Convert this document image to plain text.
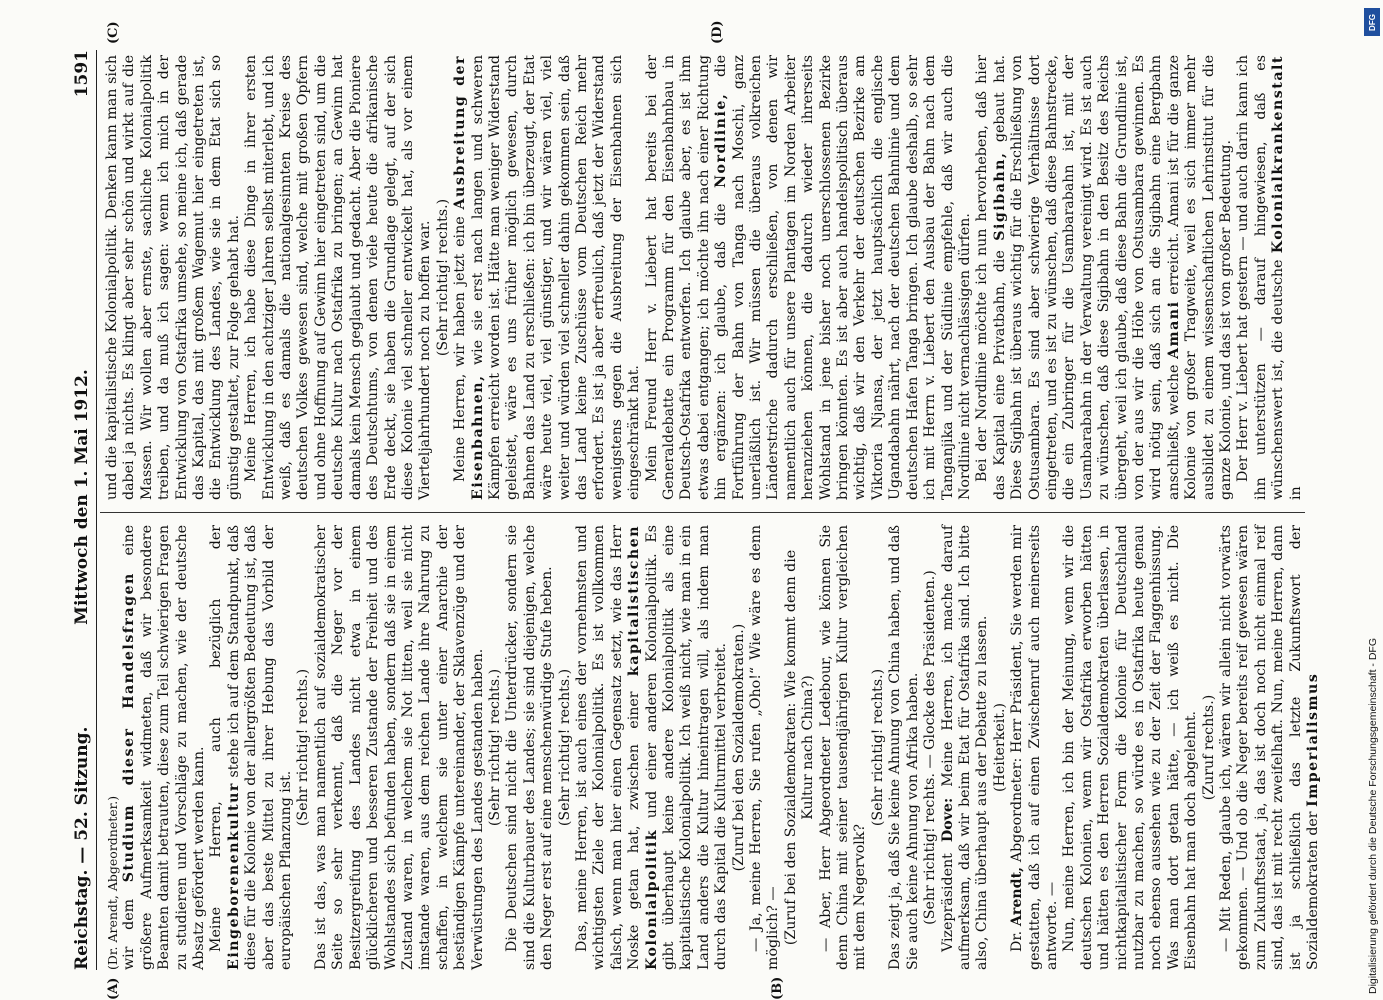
Reichstag. — 52. Sitzung.
Mittwoch den 1. Mai 1912.  1591
(A)	(B)
(C)	(D)

(Dr. Arendt, Abgeordneter.) wir dem Studium dieser Handelsfragen eine größere Aufmerksamkeit widmeten, daß wir besondere Beamten damit betrauten, diese zum Teil schwierigen Fragen zu studieren und Vorschläge zu machen, wie der deutsche Absatz gefördert werden kann. Meine Herren, auch bezüglich der Eingeborenenkultur stehe ich auf dem Standpunkt, daß diese für die Kolonie von der allergrößten Bedeutung ist, daß aber das beste Mittel zu ihrer Hebung das Vorbild der europäischen Pflanzung ist.

(Sehr richtig! rechts.) Das ist das, was man namentlich auf sozialdemokratischer Seite so sehr verkennt, daß die Neger vor der Besitzergreifung des Landes nicht etwa in einem glücklicheren und besseren Zustande der Freiheit und des Wohlstandes sich befunden haben, sondern daß sie in einem Zustand waren, in welchem sie Not litten, weil sie nicht imstande waren, aus dem reichen Lande ihre Nahrung zu schaffen, in welchem sie unter einer Anarchie der beständigen Kämpfe untereinander, der Sklavenzüge und der Verwüstungen des Landes gestanden haben. (Sehr richtig! rechts.) Die Deutschen sind nicht die Unterdrücker, sondern sie sind die Kulturbauer des Landes; sie sind diejenigen, welche den Neger erst auf eine menschenwürdige Stufe heben. (Sehr richtig! rechts.) Das, meine Herren, ist auch eines der vornehmsten und wichtigsten Ziele der Kolonialpolitik. Es ist vollkommen falsch, wenn man hier einen Gegensatz setzt, wie das Herr Noske getan hat, zwischen einer kapitalistischen Kolonialpolitik und einer anderen Kolonialpolitik. Es gibt überhaupt keine andere Kolonialpolitik als eine kapitalistische Kolonialpolitik. Ich weiß nicht, wie man in ein Land anders die Kultur hineintragen will, als indem man durch das Kapital die Kulturmittel verbreitet. (Zuruf bei den Sozialdemokraten.) — Ja, meine Herren, Sie rufen „Oho!“ Wie wäre es denn möglich? — (Zuruf bei den Sozialdemokraten: Wie kommt denn die Kultur nach China?) — Aber, Herr Abgeordneter Ledebour, wie können Sie denn China mit seiner tausendjährigen Kultur vergleichen mit dem Negervolk?

(Sehr richtig! rechts.) Das zeigt ja, daß Sie keine Ahnung von China haben, und daß Sie auch keine Ahnung von Afrika haben. (Sehr richtig! rechts. — Glocke des Präsidenten.) Vizepräsident Dove: Meine Herren, ich mache darauf aufmerksam, daß wir beim Etat für Ostafrika sind. Ich bitte also, China überhaupt aus der Debatte zu lassen. (Heiterkeit.)

Dr. Arendt, Abgeordneter: Herr Präsident, Sie werden mir gestatten, daß ich auf einen Zwischenruf auch meinerseits antworte. — Nun, meine Herren, ich bin der Meinung, wenn wir die deutschen Kolonien, wenn wir Ostafrika erworben hätten und hätten es den Herren Sozialdemokraten überlassen, in nichtkapitalistischer Form die Kolonie für Deutschland nutzbar zu machen, so würde es in Ostafrika heute genau noch ebenso aussehen wie zu der Zeit der Flaggenhissung. Was man dort getan hätte, — ich weiß es nicht. Die Eisenbahn hat man doch abgelehnt. (Zuruf rechts.) — Mit Reden, glaube ich, wären wir allein nicht vorwärts gekommen. — Und ob die Neger bereits reif gewesen wären zum Zukunftsstaat, ja, das ist doch noch nicht einmal reif sind, das ist mit recht zweifelhaft. Nun, meine Herren, dann ist ja schließlich das letzte Zukunftswort der Sozialdemokraten der Imperialismus

und die kapitalistische Kolonialpolitik. Denken kann man sich dabei ja nichts. Es klingt aber sehr schön und wirkt auf die Massen. Wir wollen aber ernste, sachliche Kolonialpolitik treiben, und da muß ich sagen: wenn ich mich in der Entwicklung von Ostafrika umsehe, so meine ich, daß gerade das Kapital, das mit großem Wagemut hier eingetreten ist, die Entwicklung des Landes, wie sie in dem Etat sich so günstig gestaltet, zur Folge gehabt hat. Meine Herren, ich habe diese Dinge in ihrer ersten Entwicklung in den achtziger Jahren selbst miterlebt, und ich weiß, daß es damals die nationalgesinnten Kreise des deutschen Volkes gewesen sind, welche mit großen Opfern und ohne Hoffnung auf Gewinn hier eingetreten sind, um die deutsche Kultur nach Ostafrika zu bringen; an Gewinn hat damals kein Mensch geglaubt und gedacht. Aber die Pioniere des Deutschtums, von denen viele heute die afrikanische Erde deckt, sie haben die Grundlage gelegt, auf der sich diese Kolonie viel schneller entwickelt hat, als vor einem Vierteljahrhundert noch zu hoffen war. (Sehr richtig! rechts.) Meine Herren, wir haben jetzt eine Ausbreitung der Eisenbahnen, wie sie erst nach langen und schweren Kämpfen erreicht worden ist. Hätte man weniger Widerstand geleistet, wäre es uns früher möglich gewesen, durch Bahnen das Land zu erschließen: ich bin überzeugt, der Etat wäre heute viel, viel günstiger, und wir wären viel, viel weiter und würden viel schneller dahin gekommen sein, daß das Land keine Zuschüsse vom Deutschen Reich mehr erfordert. Es ist ja aber erfreulich, daß jetzt der Widerstand wenigstens gegen die Ausbreitung der Eisenbahnen sich eingeschränkt hat. Mein Freund Herr v. Liebert hat bereits bei der Generaldebatte ein Programm für den Eisenbahnbau in Deutsch-Ostafrika entworfen. Ich glaube aber, es ist ihm etwas dabei entgangen; ich möchte ihn nach einer Richtung hin ergänzen: ich glaube, daß die Nordlinie, die Fortführung der Bahn von Tanga nach Moschi, ganz unerläßlich ist. Wir müssen die überaus volkreichen Länderstriche dadurch erschließen, von denen wir namentlich auch für unsere Plantagen im Norden Arbeiter heranziehen können, die dadurch wieder ihrerseits Wohlstand in jene bisher noch unerschlossenen Bezirke bringen könnten. Es ist aber auch handelspolitisch überaus wichtig, daß wir den Verkehr der deutschen Bezirke am Viktoria Njansa, der jetzt hauptsächlich die englische Ugandabahn nährt, nach der deutschen Bahnlinie und dem deutschen Hafen Tanga bringen. Ich glaube deshalb, so sehr ich mit Herrn v. Liebert den Ausbau der Bahn nach dem Tanganjika und der Südlinie empfehle, daß wir auch die Nordlinie nicht vernachlässigen dürfen. Bei der Nordlinie möchte ich nun hervorheben, daß hier das Kapital eine Privatbahn, die Sigibahn, gebaut hat. Diese Sigibahn ist überaus wichtig für die Erschließung von Ostusambara. Es sind aber schwierige Verhältnisse dort eingetreten, und es ist zu wünschen, daß diese Bahnstrecke, die ein Zubringer für die Usambarabahn ist, mit der Usambarabahn in der Verwaltung vereinigt wird. Es ist auch zu wünschen, daß diese Sigibahn in den Besitz des Reichs übergeht, weil ich glaube, daß diese Bahn die Grundlinie ist, von der aus wir die Höhe von Ostusambara gewinnen. Es wird nötig sein, daß sich an die Sigibahn eine Bergbahn anschließt, welche Amani erreicht. Amani ist für die ganze Kolonie von großer Tragweite, weil es sich immer mehr ausbildet zu einem wissenschaftlichen Lehrinstitut für die ganze Kolonie, und das ist von großer Bedeutung. Der Herr v. Liebert hat gestern — und auch darin kann ich ihn unterstützen — darauf hingewiesen, daß es wünschenswert ist, die deutsche Kolonialkrankenstalt in

DFG
Digitalisierung gefördert durch die Deutsche Forschungsgemeinschaft - DFG
